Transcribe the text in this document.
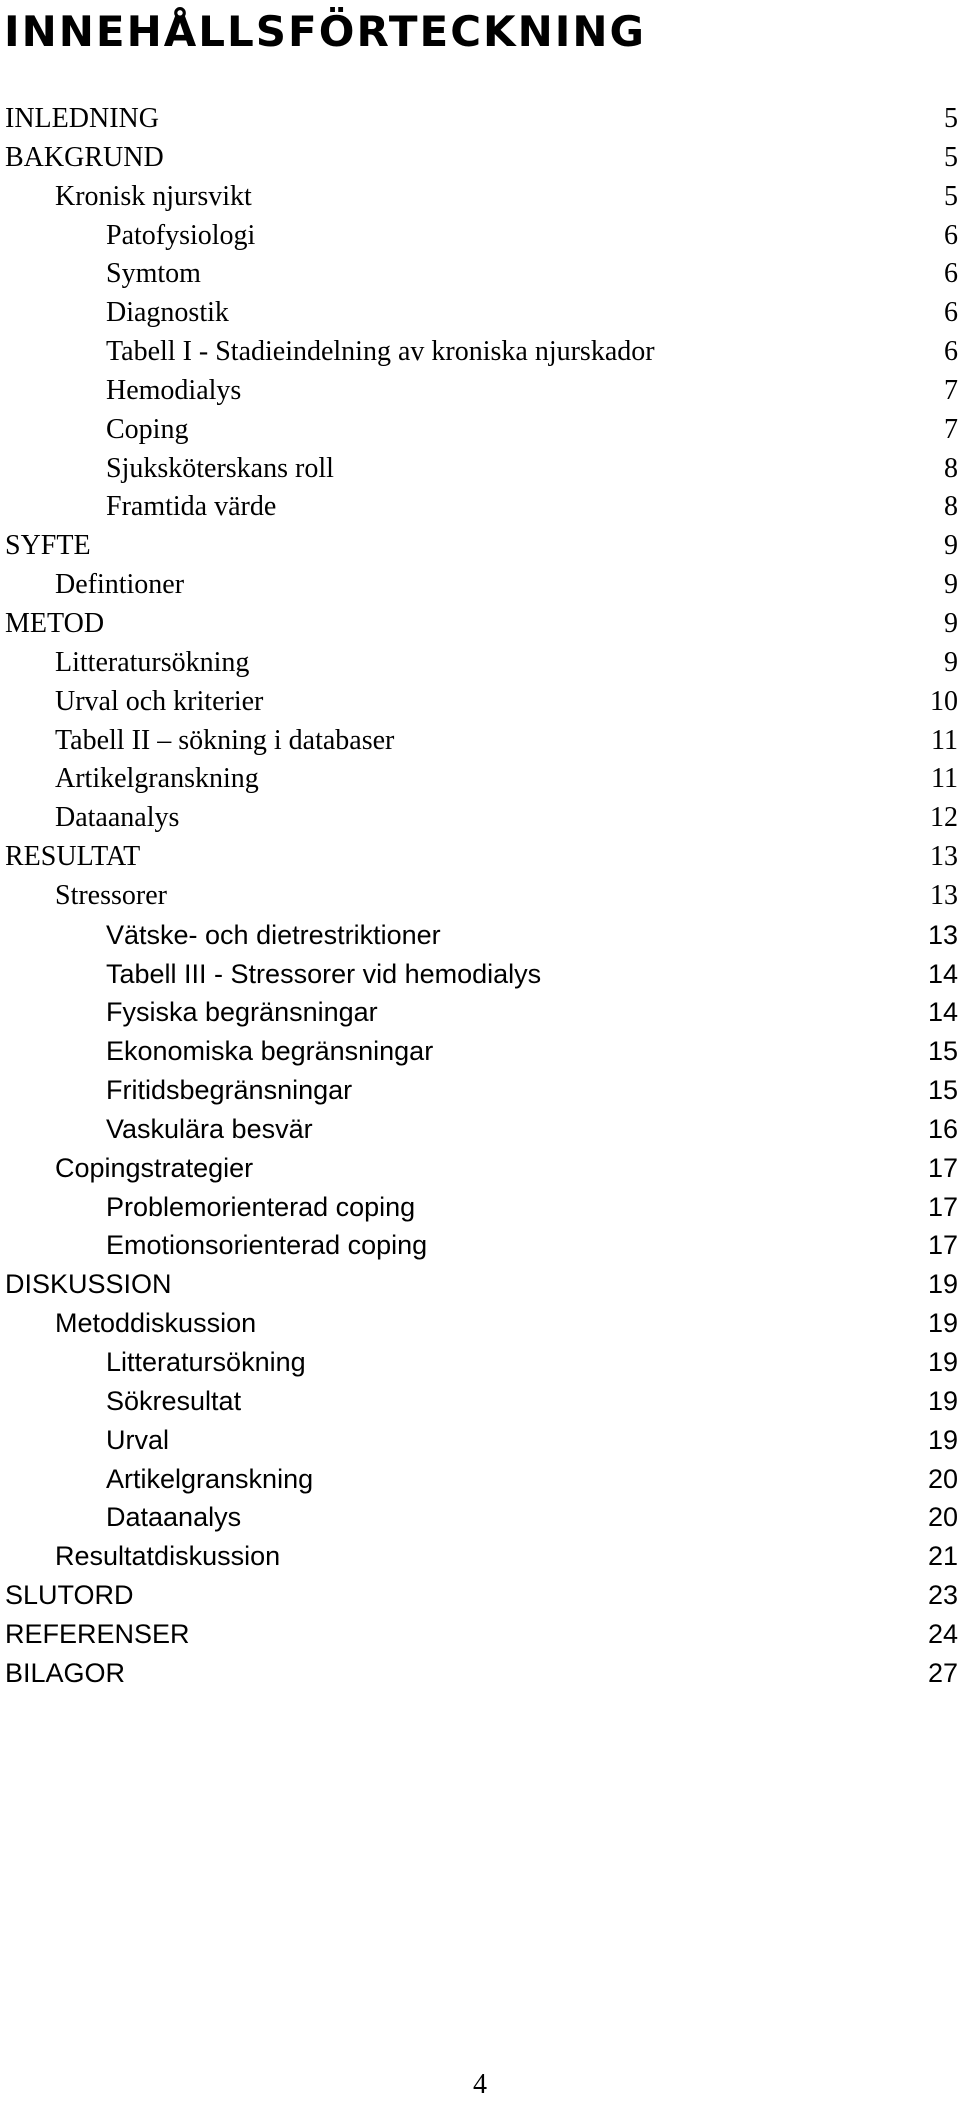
INNEHÅLLSFÖRTECKNING
INLEDNING	5
BAKGRUND	5
Kronisk njursvikt	5
Patofysiologi	6
Symtom	6
Diagnostik	6
Tabell I - Stadieindelning av kroniska njurskador	6
Hemodialys	7
Coping	7
Sjuksköterskans roll	8
Framtida värde	8
SYFTE	9
Defintioner	9
METOD	9
Litteratursökning	9
Urval och kriterier	10
Tabell II – sökning i databaser	11
Artikelgranskning	11
Dataanalys	12
RESULTAT	13
Stressorer	13
Vätske- och dietrestriktioner	13
Tabell III - Stressorer vid hemodialys	14
Fysiska begränsningar	14
Ekonomiska begränsningar	15
Fritidsbegränsningar	15
Vaskulära besvär	16
Copingstrategier	17
Problemorienterad coping	17
Emotionsorienterad coping	17
DISKUSSION	19
Metoddiskussion	19
Litteratursökning	19
Sökresultat	19
Urval	19
Artikelgranskning	20
Dataanalys	20
Resultatdiskussion	21
SLUTORD	23
REFERENSER	24
BILAGOR	27
4
